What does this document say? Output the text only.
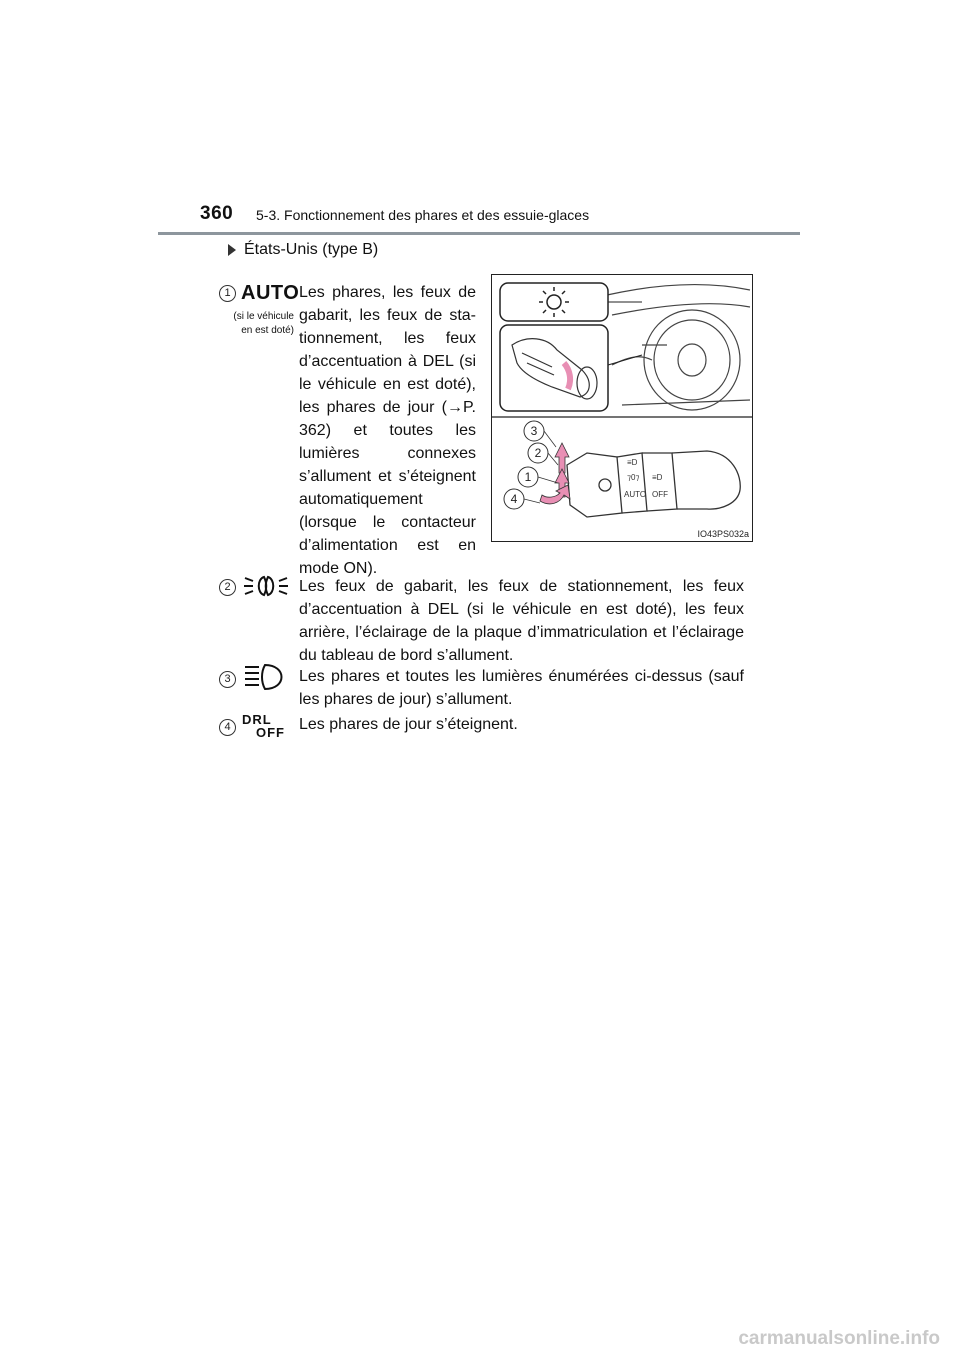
360 5-3. Fonctionnement des phares et des essuie-glaces
États-Unis (type B)
1 AUTO
(si le véhicule en est doté)
Les phares, les feux de gabarit, les feux de stationnement, les feux d’accentuation à DEL (si le véhicule en est doté), les phares de jour (→P. 362) et toutes les lumières connexes s’allument et s’éteignent automatiquement (lorsque le contacteur d’alimentation est en mode ON).
≡D
⁊0⁊
AUTO
≡D
OFF
3
2
1
4
IO43PS032a
2	Les feux de gabarit, les feux de stationnement, les feux d’accentuation à DEL (si le véhicule en est doté), les feux arrière, l’éclairage de la plaque d’immatriculation et l’éclairage du tableau de bord s’allument.
3	Les phares et toutes les lumières énumérées ci-dessus (sauf les phares de jour) s’allument.
4 DRL
OFF Les phares de jour s’éteignent.
carmanualsonline.info
